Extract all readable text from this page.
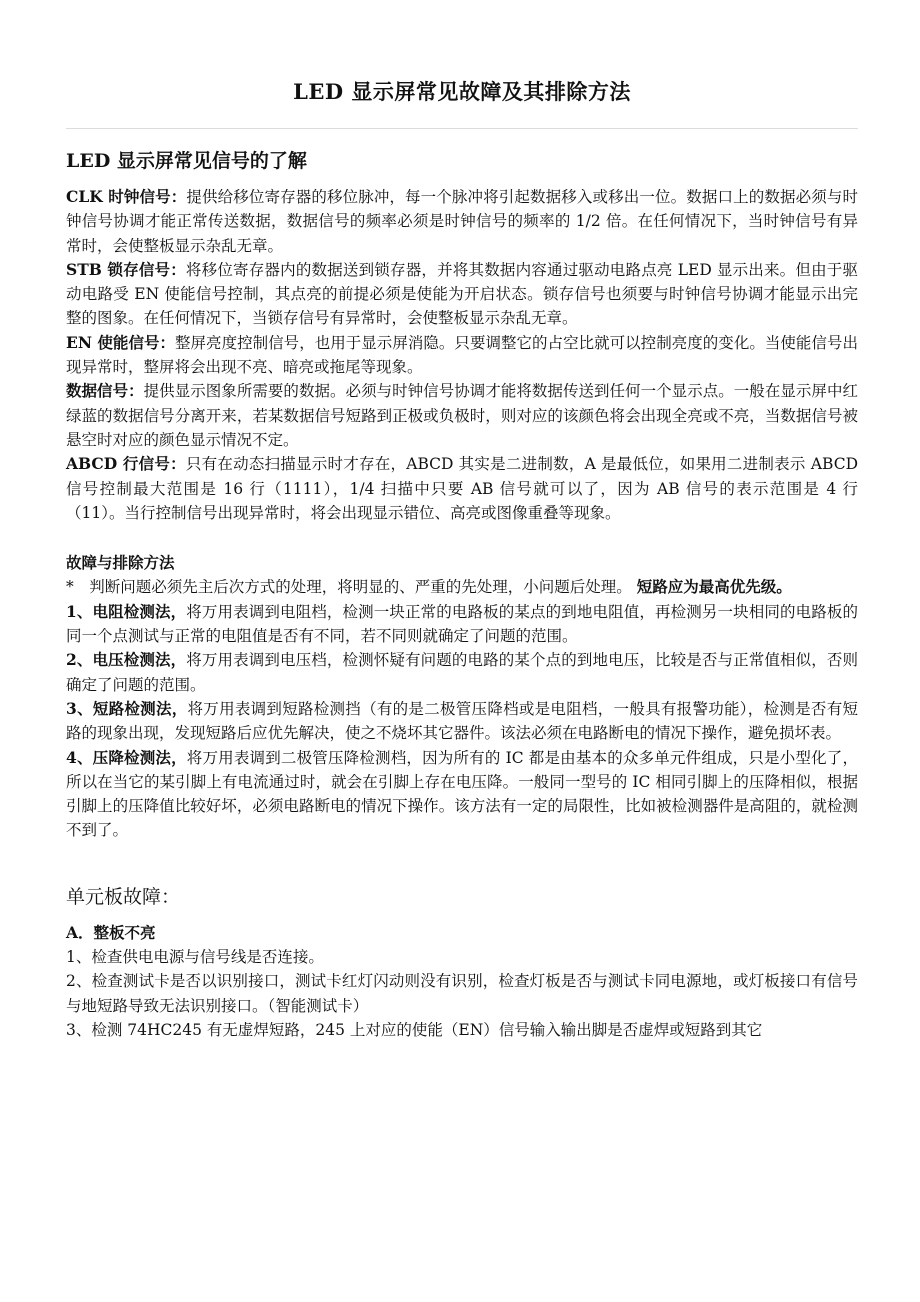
LED 显示屏常见故障及其排除方法
LED 显示屏常见信号的了解

CLK 时钟信号：提供给移位寄存器的移位脉冲，每一个脉冲将引起数据移入或移出一位。数据口上的数据必须与时钟信号协调才能正常传送数据，数据信号的频率必须是时钟信号的频率的 1/2 倍。在任何情况下，当时钟信号有异常时，会使整板显示杂乱无章。

STB 锁存信号：将移位寄存器内的数据送到锁存器，并将其数据内容通过驱动电路点亮 LED 显示出来。但由于驱动电路受 EN 使能信号控制，其点亮的前提必须是使能为开启状态。锁存信号也须要与时钟信号协调才能显示出完整的图象。在任何情况下，当锁存信号有异常时，会使整板显示杂乱无章。

EN 使能信号：整屏亮度控制信号，也用于显示屏消隐。只要调整它的占空比就可以控制亮度的变化。当使能信号出现异常时，整屏将会出现不亮、暗亮或拖尾等现象。

数据信号：提供显示图象所需要的数据。必须与时钟信号协调才能将数据传送到任何一个显示点。一般在显示屏中红绿蓝的数据信号分离开来，若某数据信号短路到正极或负极时，则对应的该颜色将会出现全亮或不亮，当数据信号被悬空时对应的颜色显示情况不定。

ABCD 行信号：只有在动态扫描显示时才存在，ABCD 其实是二进制数，A 是最低位，如果用二进制表示 ABCD 信号控制最大范围是 16 行（1111），1/4 扫描中只要 AB 信号就可以了，因为 AB 信号的表示范围是 4 行（11）。当行控制信号出现异常时，将会出现显示错位、高亮或图像重叠等现象。

故障与排除方法

*　判断问题必须先主后次方式的处理，将明显的、严重的先处理，小问题后处理。 短路应为最高优先级。

1、电阻检测法，将万用表调到电阻档，检测一块正常的电路板的某点的到地电阻值，再检测另一块相同的电路板的同一个点测试与正常的电阻值是否有不同，若不同则就确定了问题的范围。

2、电压检测法，将万用表调到电压档，检测怀疑有问题的电路的某个点的到地电压，比较是否与正常值相似，否则确定了问题的范围。

3、短路检测法，将万用表调到短路检测挡（有的是二极管压降档或是电阻档，一般具有报警功能），检测是否有短路的现象出现，发现短路后应优先解决，使之不烧坏其它器件。该法必须在电路断电的情况下操作，避免损坏表。

4、压降检测法，将万用表调到二极管压降检测档，因为所有的 IC 都是由基本的众多单元件组成，只是小型化了，所以在当它的某引脚上有电流通过时，就会在引脚上存在电压降。一般同一型号的 IC 相同引脚上的压降相似，根据引脚上的压降值比较好坏，必须电路断电的情况下操作。该方法有一定的局限性，比如被检测器件是高阻的，就检测不到了。

单元板故障：
A．整板不亮

1、检查供电电源与信号线是否连接。

2、检查测试卡是否以识别接口，测试卡红灯闪动则没有识别，检查灯板是否与测试卡同电源地，或灯板接口有信号与地短路导致无法识别接口。（智能测试卡）

3、检测 74HC245 有无虚焊短路，245 上对应的使能（EN）信号输入输出脚是否虚焊或短路到其它
